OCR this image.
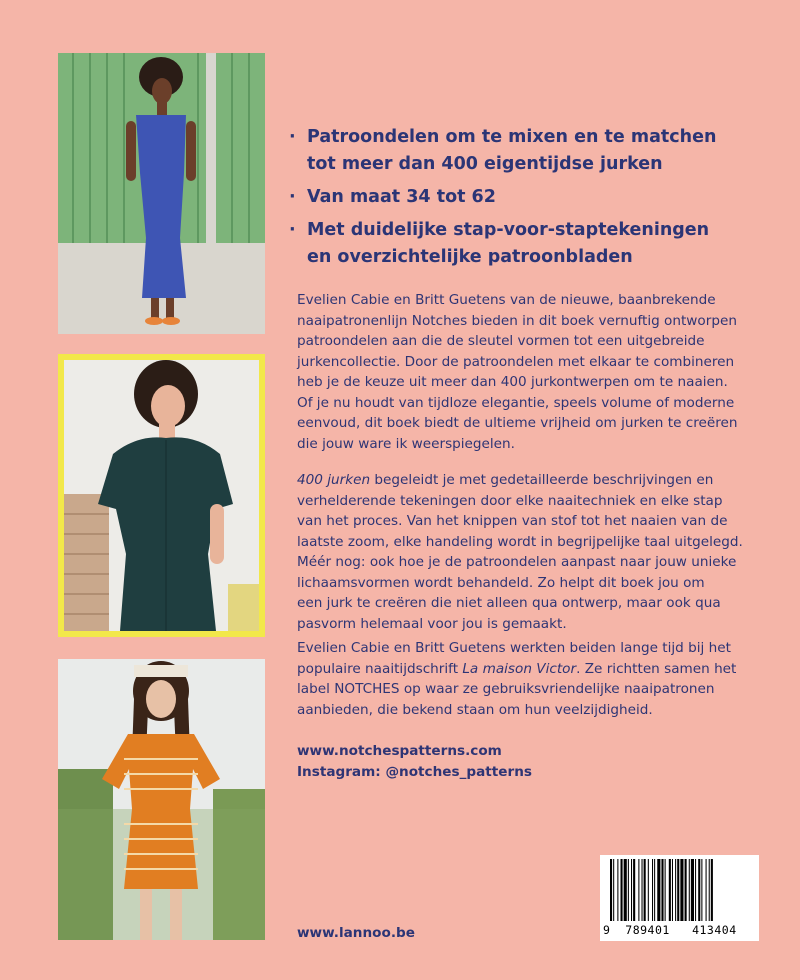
· Patroondelen om te mixen en te matchen
tot meer dan 400 eigentijdse jurken
· Van maat 34 tot 62
· Met duidelijke stap-voor-staptekeningen
en overzichtelijke patroonbladen

Evelien Cabie en Britt Guetens van de nieuwe, baanbrekende
naaipatronenlijn Notches bieden in dit boek vernuftig ontworpen
patroondelen aan die de sleutel vormen tot een uitgebreide
jurkencollectie. Door de patroondelen met elkaar te combineren
heb je de keuze uit meer dan 400 jurkontwerpen om te naaien.
Of je nu houdt van tijdloze elegantie, speels volume of moderne
eenvoud, dit boek biedt de ultieme vrijheid om jurken te creëren
die jouw ware ik weerspiegelen.

400 jurken begeleidt je met gedetailleerde beschrijvingen en
verhelderende tekeningen door elke naaitechniek en elke stap
van het proces. Van het knippen van stof tot het naaien van de
laatste zoom, elke handeling wordt in begrijpelijke taal uitgelegd.
Méér nog: ook hoe je de patroondelen aanpast naar jouw unieke
lichaamsvormen wordt behandeld. Zo helpt dit boek jou om
een jurk te creëren die niet alleen qua ontwerp, maar ook qua
pasvorm helemaal voor jou is gemaakt.

Evelien Cabie en Britt Guetens werkten beiden lange tijd bij het
populaire naaitijdschrift La maison Victor. Ze richtten samen het
label NOTCHES op waar ze gebruiksvriendelijke naaipatronen
aanbieden, die bekend staan om hun veelzijdigheid.

www.notchespatterns.com

Instagram: @notches_patterns

www.lannoo.be	9  789401   413404
